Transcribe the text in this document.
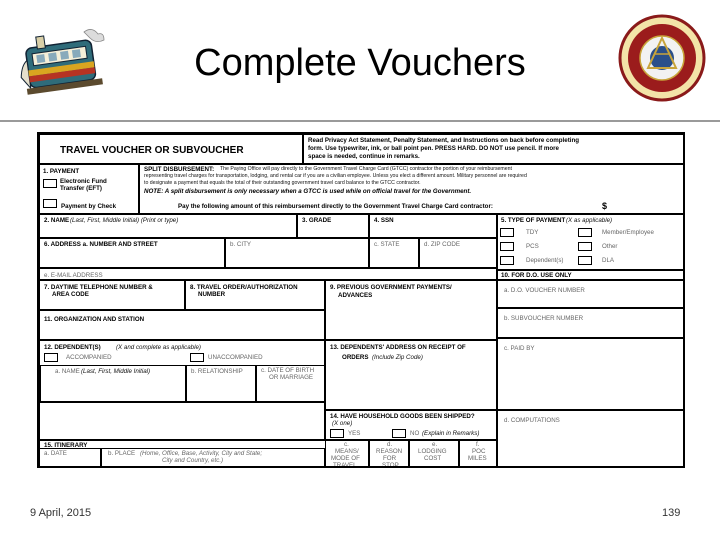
Complete Vouchers
TRAVEL VOUCHER OR SUBVOUCHER
Read Privacy Act Statement, Penalty Statement, and Instructions on back before completing
form. Use typewriter, ink, or ball point pen. PRESS HARD. DO NOT use pencil. If more
space is needed, continue in remarks.
1. PAYMENT
Electronic Fund
Transfer (EFT)
SPLIT DISBURSEMENT: The Paying Office will pay directly to the Government Travel Charge Card (GTCC) contractor the portion of your reimbursement
representing travel charges for transportation, lodging, and rental car if you are a civilian employee. Unless you elect a different amount. Military personnel are required
to designate a payment that equals the total of their outstanding government travel card balance to the GTCC contractor.
NOTE: A split disbursement is only necessary when a GTCC is used while on official travel for the Government.
Pay the following amount of this reimbursement directly to the Government Travel Charge Card contractor:	$
Payment by Check
2. NAME (Last, First, Middle Initial) (Print or type)	3. GRADE	4. SSN	5. TYPE OF PAYMENT (X as applicable)
TDY	Member/Employee
PCS	Other
Dependent(s)	DLA
6. ADDRESS a. NUMBER AND STREET	b. CITY	c. STATE	d. ZIP CODE
e. E-MAIL ADDRESS	10. FOR D.O. USE ONLY
a. D.O. VOUCHER NUMBER
b. SUBVOUCHER NUMBER
c. PAID BY
d. COMPUTATIONS
7. DAYTIME TELEPHONE NUMBER &
AREA CODE
8. TRAVEL ORDER/AUTHORIZATION
NUMBER
9. PREVIOUS GOVERNMENT PAYMENTS/
ADVANCES
11. ORGANIZATION AND STATION
12. DEPENDENT(S) (X and complete as applicable)
ACCOMPANIED	UNACCOMPANIED
a. NAME (Last, First, Middle Initial)	b. RELATIONSHIP	c. DATE OF BIRTH
OR MARRIAGE
13. DEPENDENTS' ADDRESS ON RECEIPT OF
ORDERS (Include Zip Code)
14. HAVE HOUSEHOLD GOODS BEEN SHIPPED?
(X one)
YES	NO (Explain in Remarks)
15. ITINERARY
a. DATE	b. PLACE (Home, Office, Base, Activity, City and State;
City and Country, etc.)
c.
MEANS/
MODE OF
TRAVEL
d.
REASON
FOR
STOP
e.
LODGING
COST
f.
POC
MILES
9 April, 2015	139
